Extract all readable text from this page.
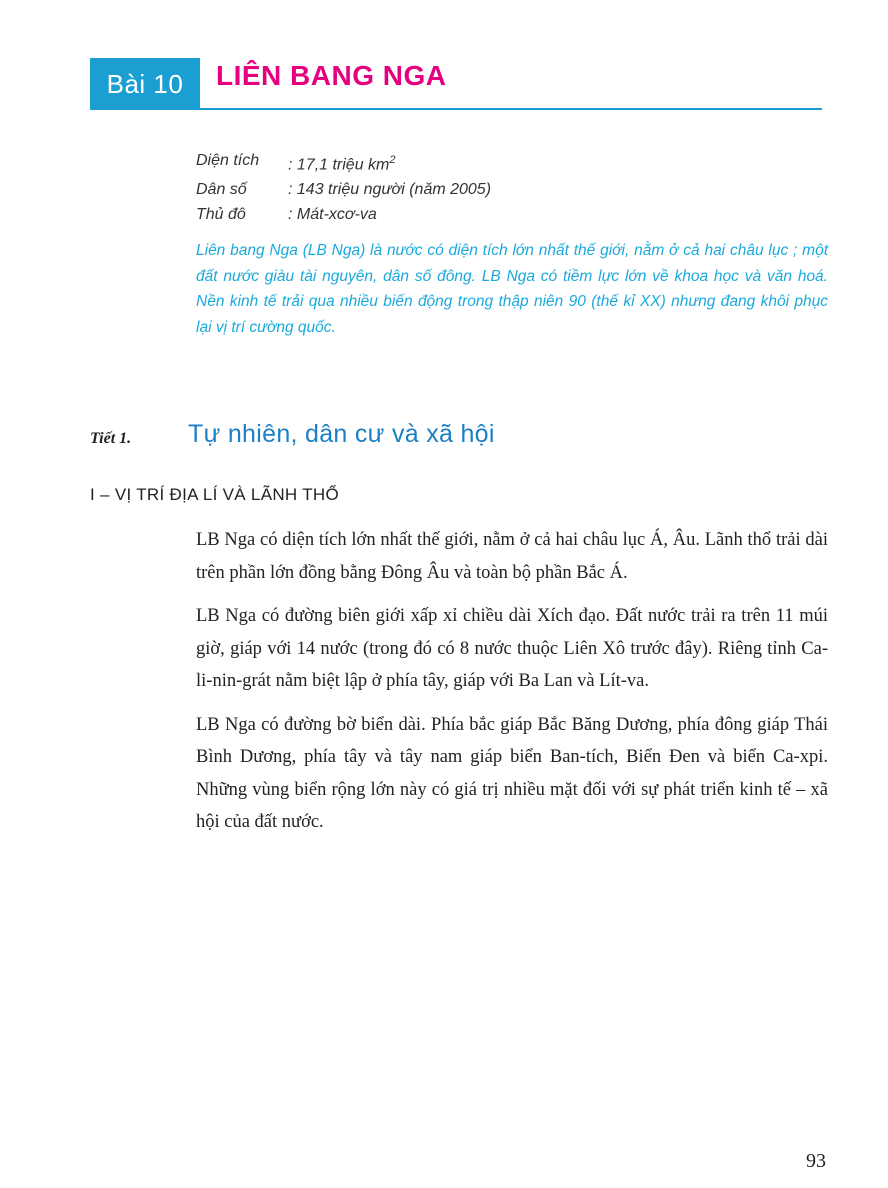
Bài 10	LIÊN BANG NGA
Diện tích	: 17,1 triệu $km^2$
Dân số	: 143 triệu người (năm 2005)
Thủ đô	: Mát-xcơ-va
Liên bang Nga (LB Nga) là nước có diện tích lớn nhất thế giới, nằm ở cả hai châu lục ; một đất nước giàu tài nguyên, dân số đông. LB Nga có tiềm lực lớn về khoa học và văn hoá. Nền kinh tế trải qua nhiều biến động trong thập niên 90 (thế kỉ XX) nhưng đang khôi phục lại vị trí cường quốc.
Tiết 1. Tự nhiên, dân cư và xã hội
I – VỊ TRÍ ĐỊA LÍ VÀ LÃNH THỔ

LB Nga có diện tích lớn nhất thế giới, nằm ở cả hai châu lục Á, Âu. Lãnh thổ trải dài trên phần lớn đồng bằng Đông Âu và toàn bộ phần Bắc Á.

LB Nga có đường biên giới xấp xỉ chiều dài Xích đạo. Đất nước trải ra trên 11 múi giờ, giáp với 14 nước (trong đó có 8 nước thuộc Liên Xô trước đây). Riêng tỉnh Ca-li-nin-grát nằm biệt lập ở phía tây, giáp với Ba Lan và Lít-va.

LB Nga có đường bờ biển dài. Phía bắc giáp Bắc Băng Dương, phía đông giáp Thái Bình Dương, phía tây và tây nam giáp biển Ban-tích, Biển Đen và biển Ca-xpi. Những vùng biển rộng lớn này có giá trị nhiều mặt đối với sự phát triển kinh tế – xã hội của đất nước.

93
